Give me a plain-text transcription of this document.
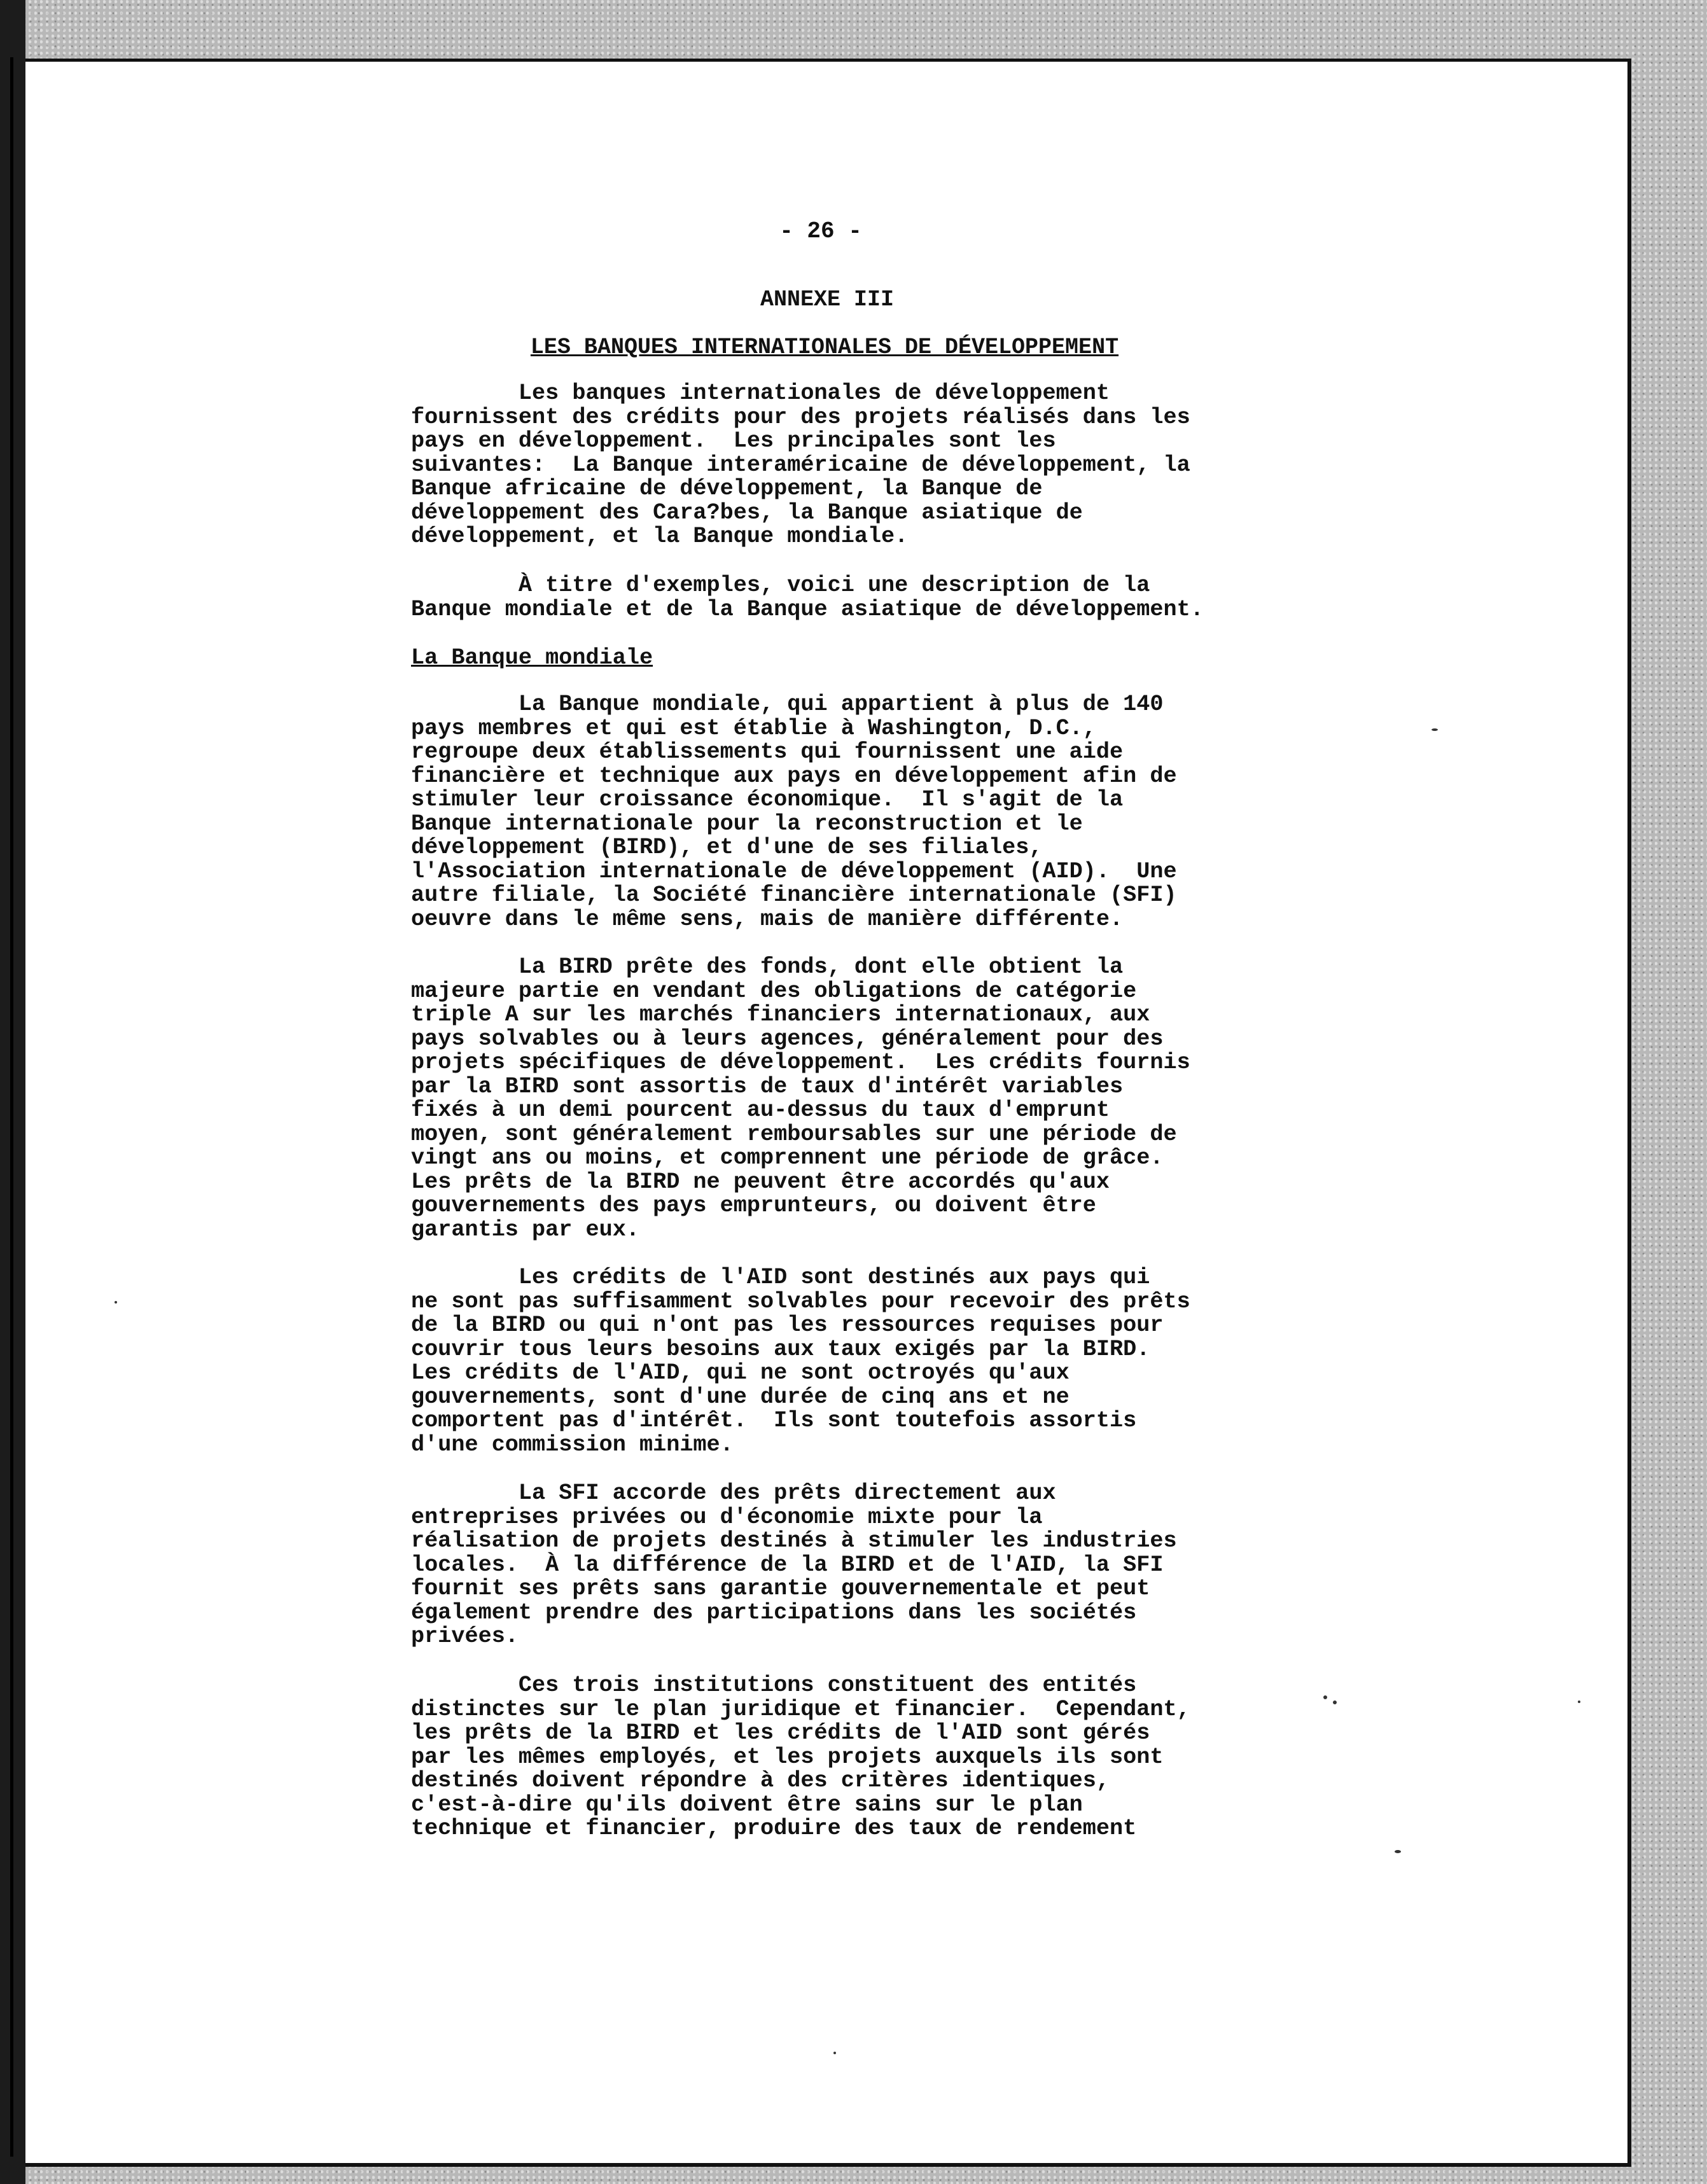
- 26 -
ANNEXE III
LES BANQUES INTERNATIONALES DE DÉVELOPPEMENT
Les banques internationales de développement
fournissent des crédits pour des projets réalisés dans les
pays en développement.  Les principales sont les
suivantes:  La Banque interaméricaine de développement, la
Banque africaine de développement, la Banque de
développement des Cara?bes, la Banque asiatique de
développement, et la Banque mondiale.
À titre d'exemples, voici une description de la
Banque mondiale et de la Banque asiatique de développement.
La Banque mondiale
La Banque mondiale, qui appartient à plus de 140
pays membres et qui est établie à Washington, D.C.,
regroupe deux établissements qui fournissent une aide
financière et technique aux pays en développement afin de
stimuler leur croissance économique.  Il s'agit de la
Banque internationale pour la reconstruction et le
développement (BIRD), et d'une de ses filiales,
l'Association internationale de développement (AID).  Une
autre filiale, la Société financière internationale (SFI)
oeuvre dans le même sens, mais de manière différente.
La BIRD prête des fonds, dont elle obtient la
majeure partie en vendant des obligations de catégorie
triple A sur les marchés financiers internationaux, aux
pays solvables ou à leurs agences, généralement pour des
projets spécifiques de développement.  Les crédits fournis
par la BIRD sont assortis de taux d'intérêt variables
fixés à un demi pourcent au-dessus du taux d'emprunt
moyen, sont généralement remboursables sur une période de
vingt ans ou moins, et comprennent une période de grâce.
Les prêts de la BIRD ne peuvent être accordés qu'aux
gouvernements des pays emprunteurs, ou doivent être
garantis par eux.
Les crédits de l'AID sont destinés aux pays qui
ne sont pas suffisamment solvables pour recevoir des prêts
de la BIRD ou qui n'ont pas les ressources requises pour
couvrir tous leurs besoins aux taux exigés par la BIRD.
Les crédits de l'AID, qui ne sont octroyés qu'aux
gouvernements, sont d'une durée de cinq ans et ne
comportent pas d'intérêt.  Ils sont toutefois assortis
d'une commission minime.
La SFI accorde des prêts directement aux
entreprises privées ou d'économie mixte pour la
réalisation de projets destinés à stimuler les industries
locales.  À la différence de la BIRD et de l'AID, la SFI
fournit ses prêts sans garantie gouvernementale et peut
également prendre des participations dans les sociétés
privées.
Ces trois institutions constituent des entités
distinctes sur le plan juridique et financier.  Cependant,
les prêts de la BIRD et les crédits de l'AID sont gérés
par les mêmes employés, et les projets auxquels ils sont
destinés doivent répondre à des critères identiques,
c'est-à-dire qu'ils doivent être sains sur le plan
technique et financier, produire des taux de rendement
